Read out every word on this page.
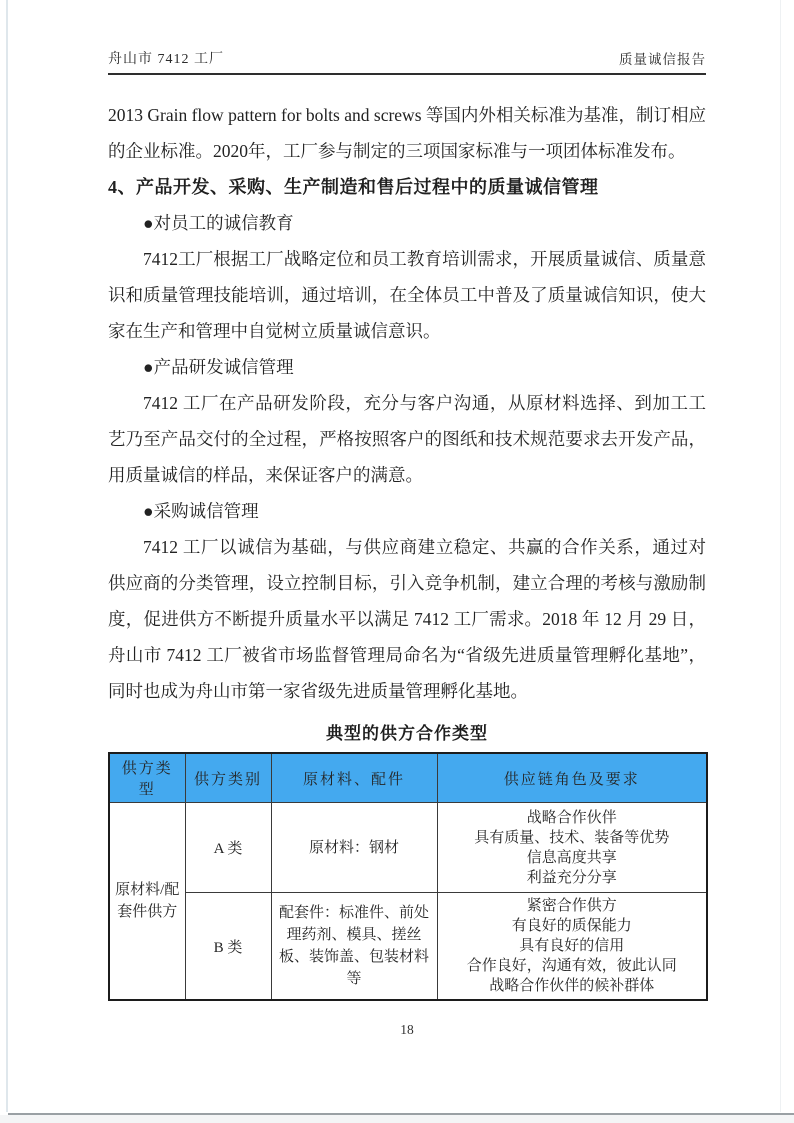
舟山市 7412 工厂	质量诚信报告

2013 Grain flow pattern for bolts and screws 等国内外相关标准为基准，制订相应的企业标准。2020年，工厂参与制定的三项国家标准与一项团体标准发布。

4、产品开发、采购、生产制造和售后过程中的质量诚信管理

●对员工的诚信教育

7412工厂根据工厂战略定位和员工教育培训需求，开展质量诚信、质量意识和质量管理技能培训，通过培训，在全体员工中普及了质量诚信知识，使大家在生产和管理中自觉树立质量诚信意识。

●产品研发诚信管理

7412 工厂在产品研发阶段，充分与客户沟通，从原材料选择、到加工工艺乃至产品交付的全过程，严格按照客户的图纸和技术规范要求去开发产品，用质量诚信的样品，来保证客户的满意。

●采购诚信管理

7412 工厂以诚信为基础，与供应商建立稳定、共赢的合作关系，通过对供应商的分类管理，设立控制目标，引入竞争机制，建立合理的考核与激励制度，促进供方不断提升质量水平以满足 7412 工厂需求。2018 年 12 月 29 日，舟山市 7412 工厂被省市场监督管理局命名为“省级先进质量管理孵化基地”，同时也成为舟山市第一家省级先进质量管理孵化基地。

典型的供方合作类型
供方类型	供方类别	原材料、配件	供应链角色及要求
原材料/配套件供方	A 类	原材料：钢材	战略合作伙伴
具有质量、技术、装备等优势
信息高度共享
利益充分分享

	B 类	配套件：标准件、前处理药剂、模具、搓丝板、装饰盖、包装材料等	紧密合作供方
有良好的质保能力
具有良好的信用
合作良好，沟通有效，彼此认同
战略合作伙伴的候补群体
18
